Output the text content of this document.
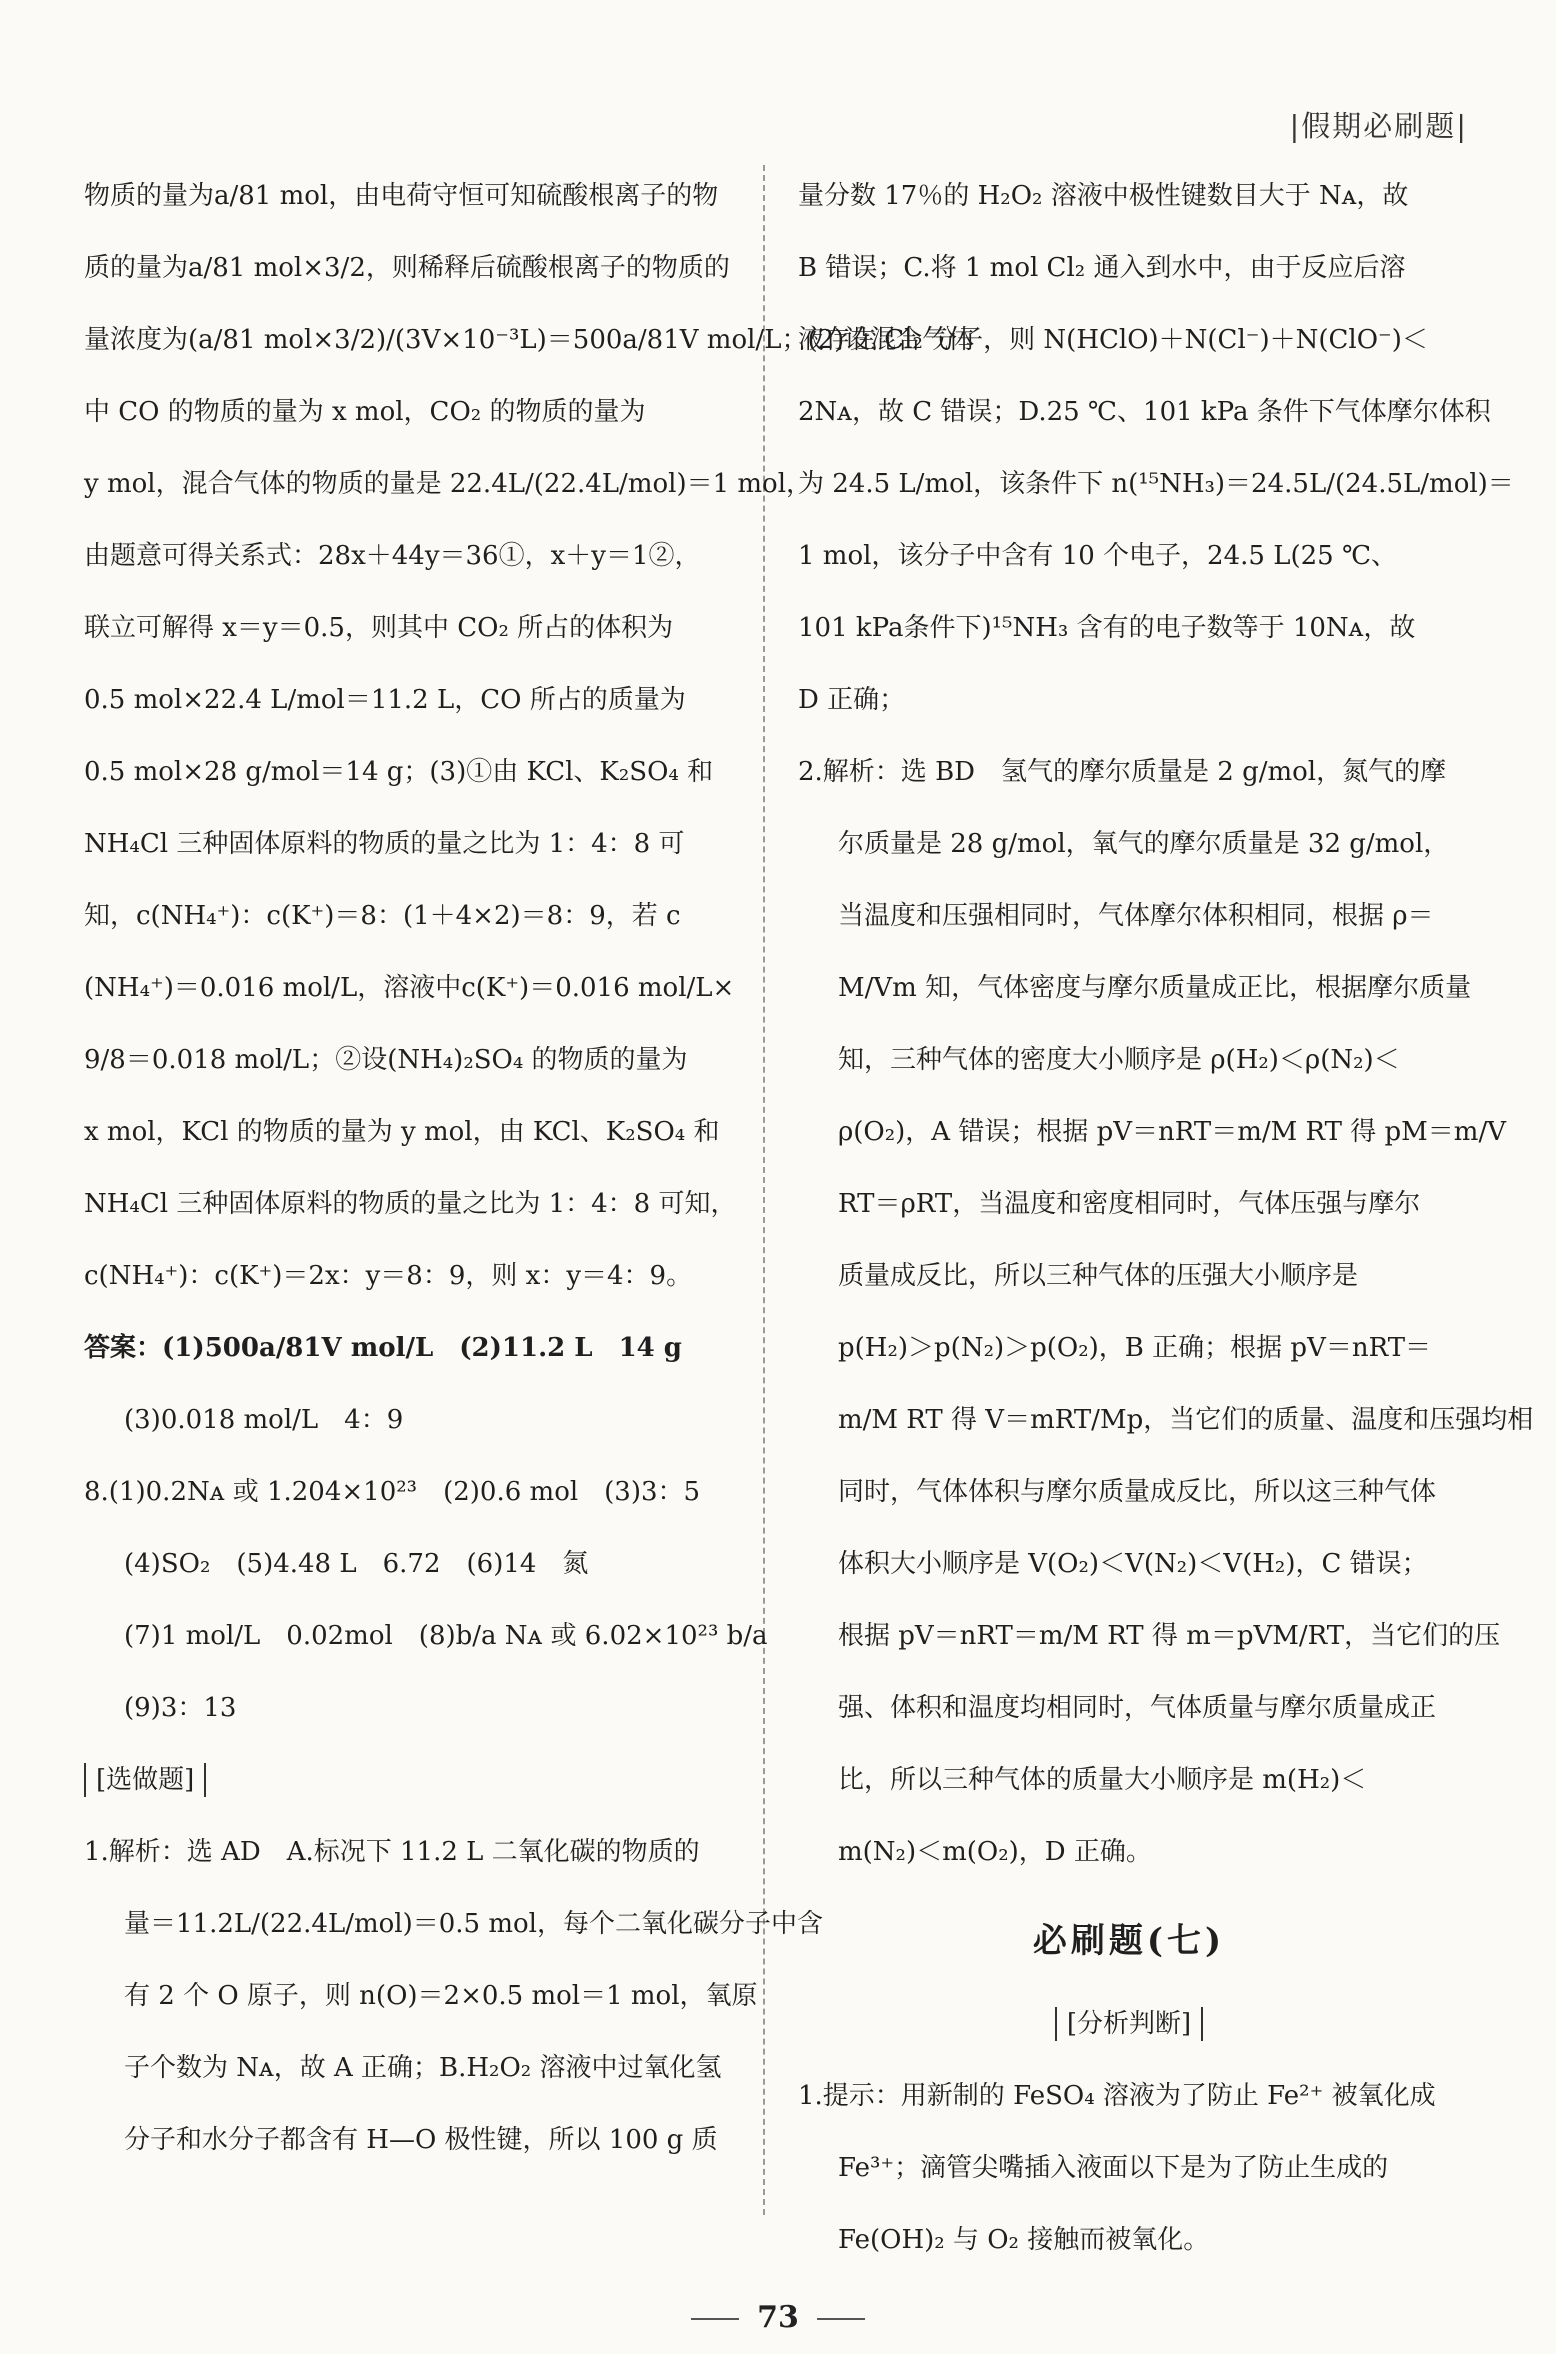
|假期必刷题|
物质的量为a/81 mol，由电荷守恒可知硫酸根离子的物
质的量为a/81 mol×3/2，则稀释后硫酸根离子的物质的
量浓度为(a/81 mol×3/2)/(3V×10⁻³L)＝500a/81V mol/L；(2)设混合气体
中 CO 的物质的量为 x mol，CO₂ 的物质的量为
y mol，混合气体的物质的量是 22.4L/(22.4L/mol)＝1 mol，
由题意可得关系式：28x＋44y＝36①，x＋y＝1②，
联立可解得 x＝y＝0.5，则其中 CO₂ 所占的体积为
0.5 mol×22.4 L/mol＝11.2 L，CO 所占的质量为
0.5 mol×28 g/mol＝14 g；(3)①由 KCl、K₂SO₄ 和
NH₄Cl 三种固体原料的物质的量之比为 1：4：8 可
知，c(NH₄⁺)：c(K⁺)＝8：(1＋4×2)＝8：9，若 c
(NH₄⁺)＝0.016 mol/L，溶液中c(K⁺)＝0.016 mol/L×
9/8＝0.018 mol/L；②设(NH₄)₂SO₄ 的物质的量为
x mol，KCl 的物质的量为 y mol，由 KCl、K₂SO₄ 和
NH₄Cl 三种固体原料的物质的量之比为 1：4：8 可知，
c(NH₄⁺)：c(K⁺)＝2x：y＝8：9，则 x：y＝4：9。
答案：(1)500a/81V mol/L　(2)11.2 L　14 g
(3)0.018 mol/L　4：9
8.(1)0.2Nᴀ 或 1.204×10²³　(2)0.6 mol　(3)3：5
(4)SO₂　(5)4.48 L　6.72　(6)14　氮
(7)1 mol/L　0.02mol　(8)b/a Nᴀ 或 6.02×10²³ b/a
(9)3：13
[选做题]
1.解析：选 AD　A.标况下 11.2 L 二氧化碳的物质的
量＝11.2L/(22.4L/mol)＝0.5 mol，每个二氧化碳分子中含
有 2 个 O 原子，则 n(O)＝2×0.5 mol＝1 mol，氧原
子个数为 Nᴀ，故 A 正确；B.H₂O₂ 溶液中过氧化氢
分子和水分子都含有 H—O 极性键，所以 100 g 质
量分数 17％的 H₂O₂ 溶液中极性键数目大于 Nᴀ，故
B 错误；C.将 1 mol Cl₂ 通入到水中，由于反应后溶
液存在 Cl₂ 分子，则 N(HClO)＋N(Cl⁻)＋N(ClO⁻)＜
2Nᴀ，故 C 错误；D.25 ℃、101 kPa 条件下气体摩尔体积
为 24.5 L/mol，该条件下 n(¹⁵NH₃)＝24.5L/(24.5L/mol)＝
1 mol，该分子中含有 10 个电子，24.5 L(25 ℃、
101 kPa条件下)¹⁵NH₃ 含有的电子数等于 10Nᴀ，故
D 正确；
2.解析：选 BD　氢气的摩尔质量是 2 g/mol，氮气的摩
尔质量是 28 g/mol，氧气的摩尔质量是 32 g/mol，
当温度和压强相同时，气体摩尔体积相同，根据 ρ＝
M/Vm 知，气体密度与摩尔质量成正比，根据摩尔质量
知，三种气体的密度大小顺序是 ρ(H₂)＜ρ(N₂)＜
ρ(O₂)，A 错误；根据 pV＝nRT＝m/M RT 得 pM＝m/V
RT＝ρRT，当温度和密度相同时，气体压强与摩尔
质量成反比，所以三种气体的压强大小顺序是
p(H₂)＞p(N₂)＞p(O₂)，B 正确；根据 pV＝nRT＝
m/M RT 得 V＝mRT/Mp，当它们的质量、温度和压强均相
同时，气体体积与摩尔质量成反比，所以这三种气体
体积大小顺序是 V(O₂)＜V(N₂)＜V(H₂)，C 错误；
根据 pV＝nRT＝m/M RT 得 m＝pVM/RT，当它们的压
强、体积和温度均相同时，气体质量与摩尔质量成正
比，所以三种气体的质量大小顺序是 m(H₂)＜
m(N₂)＜m(O₂)，D 正确。
必刷题(七)
[分析判断]
1.提示：用新制的 FeSO₄ 溶液为了防止 Fe²⁺ 被氧化成
Fe³⁺；滴管尖嘴插入液面以下是为了防止生成的
Fe(OH)₂ 与 O₂ 接触而被氧化。
73
